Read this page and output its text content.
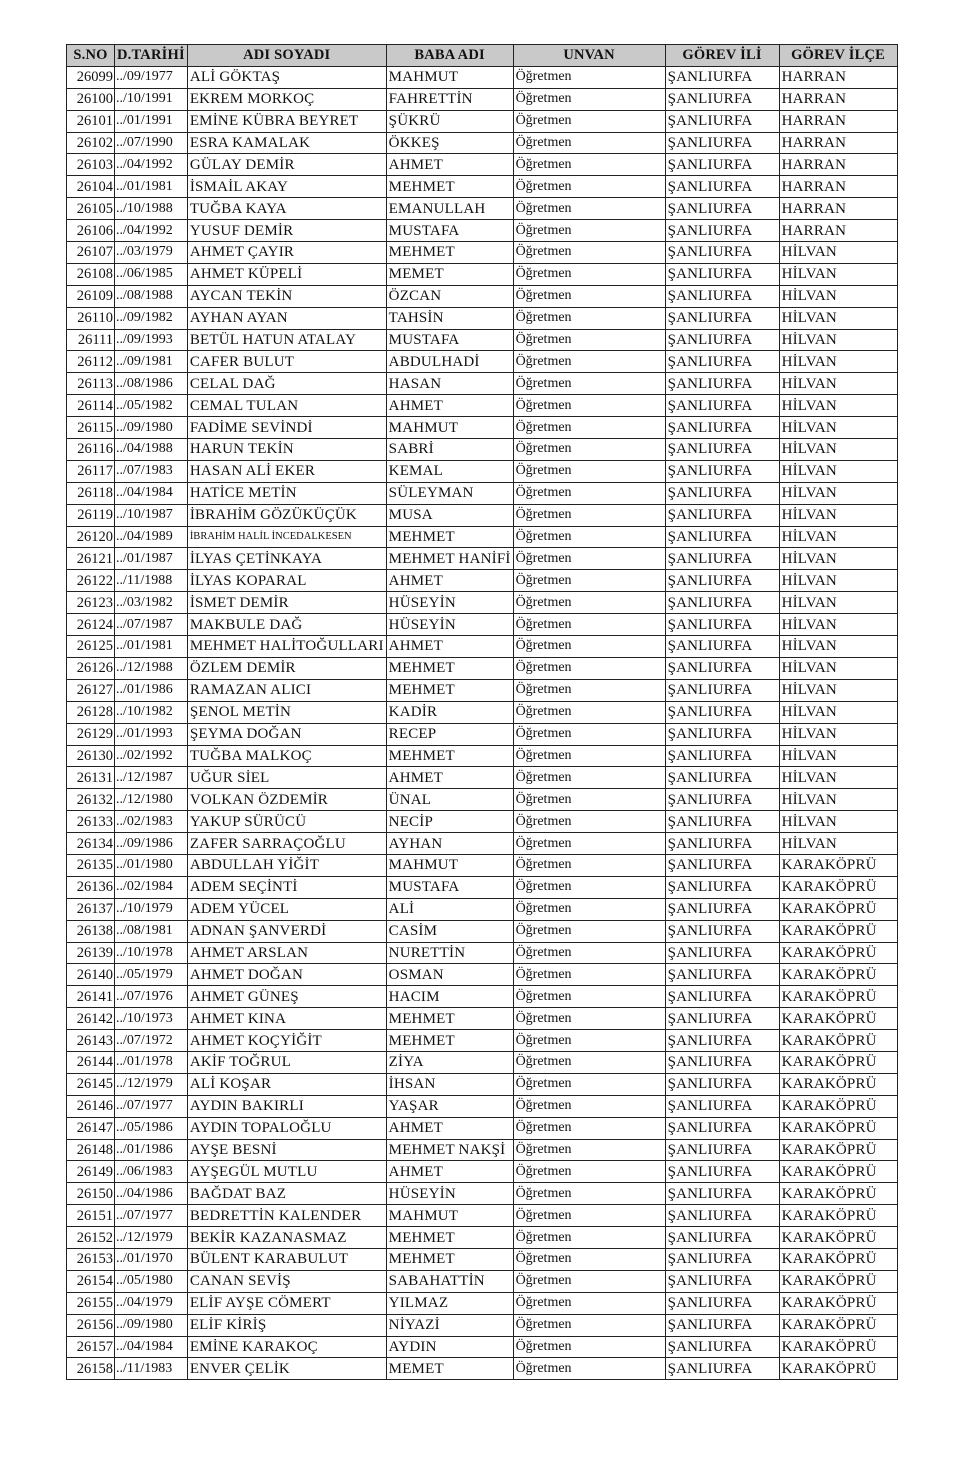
S.NO	D.TARİHİ	ADI SOYADI	BABA ADI	UNVAN	GÖREV İLİ	GÖREV İLÇE
26099	../09/1977	ALİ GÖKTAŞ	MAHMUT	Öğretmen	ŞANLIURFA	HARRAN
26100	../10/1991	EKREM MORKOÇ	FAHRETTİN	Öğretmen	ŞANLIURFA	HARRAN
26101	../01/1991	EMİNE KÜBRA BEYRET	ŞÜKRÜ	Öğretmen	ŞANLIURFA	HARRAN
26102	../07/1990	ESRA KAMALAK	ÖKKEŞ	Öğretmen	ŞANLIURFA	HARRAN
26103	../04/1992	GÜLAY DEMİR	AHMET	Öğretmen	ŞANLIURFA	HARRAN
26104	../01/1981	İSMAİL AKAY	MEHMET	Öğretmen	ŞANLIURFA	HARRAN
26105	../10/1988	TUĞBA KAYA	EMANULLAH	Öğretmen	ŞANLIURFA	HARRAN
26106	../04/1992	YUSUF DEMİR	MUSTAFA	Öğretmen	ŞANLIURFA	HARRAN
26107	../03/1979	AHMET ÇAYIR	MEHMET	Öğretmen	ŞANLIURFA	HİLVAN
26108	../06/1985	AHMET KÜPELİ	MEMET	Öğretmen	ŞANLIURFA	HİLVAN
26109	../08/1988	AYCAN TEKİN	ÖZCAN	Öğretmen	ŞANLIURFA	HİLVAN
26110	../09/1982	AYHAN AYAN	TAHSİN	Öğretmen	ŞANLIURFA	HİLVAN
26111	../09/1993	BETÜL HATUN ATALAY	MUSTAFA	Öğretmen	ŞANLIURFA	HİLVAN
26112	../09/1981	CAFER BULUT	ABDULHADİ	Öğretmen	ŞANLIURFA	HİLVAN
26113	../08/1986	CELAL DAĞ	HASAN	Öğretmen	ŞANLIURFA	HİLVAN
26114	../05/1982	CEMAL TULAN	AHMET	Öğretmen	ŞANLIURFA	HİLVAN
26115	../09/1980	FADİME SEVİNDİ	MAHMUT	Öğretmen	ŞANLIURFA	HİLVAN
26116	../04/1988	HARUN TEKİN	SABRİ	Öğretmen	ŞANLIURFA	HİLVAN
26117	../07/1983	HASAN ALİ EKER	KEMAL	Öğretmen	ŞANLIURFA	HİLVAN
26118	../04/1984	HATİCE METİN	SÜLEYMAN	Öğretmen	ŞANLIURFA	HİLVAN
26119	../10/1987	İBRAHİM GÖZÜKÜÇÜK	MUSA	Öğretmen	ŞANLIURFA	HİLVAN
26120	../04/1989	İBRAHİM HALİL İNCEDALKESEN	MEHMET	Öğretmen	ŞANLIURFA	HİLVAN
26121	../01/1987	İLYAS ÇETİNKAYA	MEHMET HANİFİ	Öğretmen	ŞANLIURFA	HİLVAN
26122	../11/1988	İLYAS KOPARAL	AHMET	Öğretmen	ŞANLIURFA	HİLVAN
26123	../03/1982	İSMET DEMİR	HÜSEYİN	Öğretmen	ŞANLIURFA	HİLVAN
26124	../07/1987	MAKBULE DAĞ	HÜSEYİN	Öğretmen	ŞANLIURFA	HİLVAN
26125	../01/1981	MEHMET HALİTOĞULLARI	AHMET	Öğretmen	ŞANLIURFA	HİLVAN
26126	../12/1988	ÖZLEM DEMİR	MEHMET	Öğretmen	ŞANLIURFA	HİLVAN
26127	../01/1986	RAMAZAN ALICI	MEHMET	Öğretmen	ŞANLIURFA	HİLVAN
26128	../10/1982	ŞENOL METİN	KADİR	Öğretmen	ŞANLIURFA	HİLVAN
26129	../01/1993	ŞEYMA DOĞAN	RECEP	Öğretmen	ŞANLIURFA	HİLVAN
26130	../02/1992	TUĞBA MALKOÇ	MEHMET	Öğretmen	ŞANLIURFA	HİLVAN
26131	../12/1987	UĞUR SİEL	AHMET	Öğretmen	ŞANLIURFA	HİLVAN
26132	../12/1980	VOLKAN ÖZDEMİR	ÜNAL	Öğretmen	ŞANLIURFA	HİLVAN
26133	../02/1983	YAKUP SÜRÜCÜ	NECİP	Öğretmen	ŞANLIURFA	HİLVAN
26134	../09/1986	ZAFER SARRAÇOĞLU	AYHAN	Öğretmen	ŞANLIURFA	HİLVAN
26135	../01/1980	ABDULLAH YİĞİT	MAHMUT	Öğretmen	ŞANLIURFA	KARAKÖPRÜ
26136	../02/1984	ADEM SEÇİNTİ	MUSTAFA	Öğretmen	ŞANLIURFA	KARAKÖPRÜ
26137	../10/1979	ADEM YÜCEL	ALİ	Öğretmen	ŞANLIURFA	KARAKÖPRÜ
26138	../08/1981	ADNAN ŞANVERDİ	CASİM	Öğretmen	ŞANLIURFA	KARAKÖPRÜ
26139	../10/1978	AHMET ARSLAN	NURETTİN	Öğretmen	ŞANLIURFA	KARAKÖPRÜ
26140	../05/1979	AHMET DOĞAN	OSMAN	Öğretmen	ŞANLIURFA	KARAKÖPRÜ
26141	../07/1976	AHMET GÜNEŞ	HACIM	Öğretmen	ŞANLIURFA	KARAKÖPRÜ
26142	../10/1973	AHMET KINA	MEHMET	Öğretmen	ŞANLIURFA	KARAKÖPRÜ
26143	../07/1972	AHMET KOÇYİĞİT	MEHMET	Öğretmen	ŞANLIURFA	KARAKÖPRÜ
26144	../01/1978	AKİF TOĞRUL	ZİYA	Öğretmen	ŞANLIURFA	KARAKÖPRÜ
26145	../12/1979	ALİ KOŞAR	İHSAN	Öğretmen	ŞANLIURFA	KARAKÖPRÜ
26146	../07/1977	AYDIN BAKIRLI	YAŞAR	Öğretmen	ŞANLIURFA	KARAKÖPRÜ
26147	../05/1986	AYDIN TOPALOĞLU	AHMET	Öğretmen	ŞANLIURFA	KARAKÖPRÜ
26148	../01/1986	AYŞE BESNİ	MEHMET NAKŞİ	Öğretmen	ŞANLIURFA	KARAKÖPRÜ
26149	../06/1983	AYŞEGÜL MUTLU	AHMET	Öğretmen	ŞANLIURFA	KARAKÖPRÜ
26150	../04/1986	BAĞDAT BAZ	HÜSEYİN	Öğretmen	ŞANLIURFA	KARAKÖPRÜ
26151	../07/1977	BEDRETTİN KALENDER	MAHMUT	Öğretmen	ŞANLIURFA	KARAKÖPRÜ
26152	../12/1979	BEKİR KAZANASMAZ	MEHMET	Öğretmen	ŞANLIURFA	KARAKÖPRÜ
26153	../01/1970	BÜLENT KARABULUT	MEHMET	Öğretmen	ŞANLIURFA	KARAKÖPRÜ
26154	../05/1980	CANAN SEVİŞ	SABAHATTİN	Öğretmen	ŞANLIURFA	KARAKÖPRÜ
26155	../04/1979	ELİF AYŞE CÖMERT	YILMAZ	Öğretmen	ŞANLIURFA	KARAKÖPRÜ
26156	../09/1980	ELİF KİRİŞ	NİYAZİ	Öğretmen	ŞANLIURFA	KARAKÖPRÜ
26157	../04/1984	EMİNE KARAKOÇ	AYDIN	Öğretmen	ŞANLIURFA	KARAKÖPRÜ
26158	../11/1983	ENVER ÇELİK	MEMET	Öğretmen	ŞANLIURFA	KARAKÖPRÜ
